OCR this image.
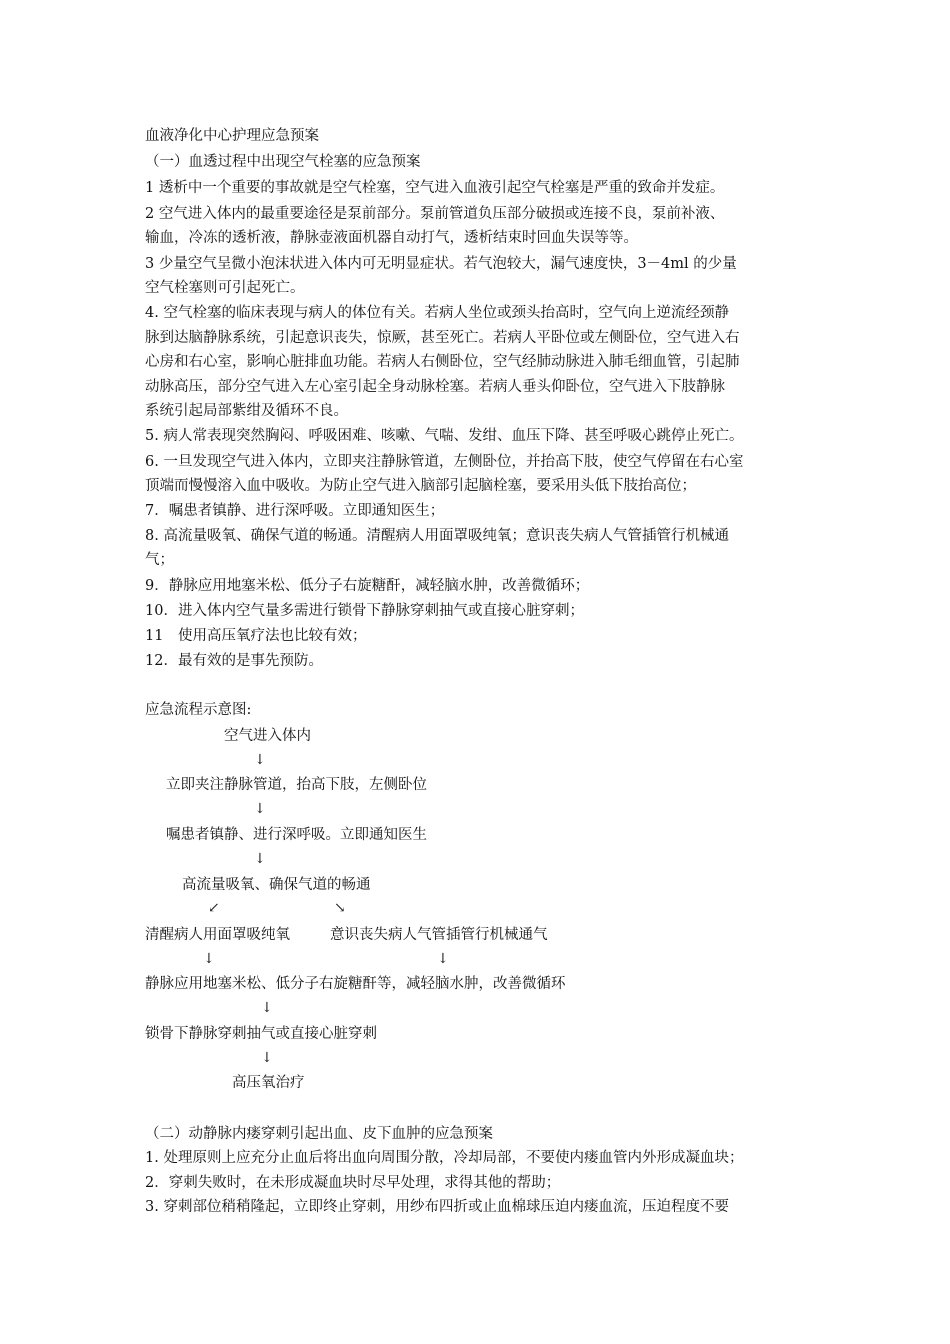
血液净化中心护理应急预案
（一）血透过程中出现空气栓塞的应急预案
1 透析中一个重要的事故就是空气栓塞，空气进入血液引起空气栓塞是严重的致命并发症。
2 空气进入体内的最重要途径是泵前部分。泵前管道负压部分破损或连接不良，泵前补液、
输血，冷冻的透析液，静脉壶液面机器自动打气，透析结束时回血失误等等。
3 少量空气呈微小泡沫状进入体内可无明显症状。若气泡较大，漏气速度快，3－4ml 的少量
空气栓塞则可引起死亡。
4. 空气栓塞的临床表现与病人的体位有关。若病人坐位或颈头抬高时，空气向上逆流经颈静
脉到达脑静脉系统，引起意识丧失，惊厥，甚至死亡。若病人平卧位或左侧卧位，空气进入右
心房和右心室，影响心脏排血功能。若病人右侧卧位，空气经肺动脉进入肺毛细血管，引起肺
动脉高压，部分空气进入左心室引起全身动脉栓塞。若病人垂头仰卧位，空气进入下肢静脉
系统引起局部紫绀及循环不良。
5. 病人常表现突然胸闷、呼吸困难、咳嗽、气喘、发绀、血压下降、甚至呼吸心跳停止死亡。
6. 一旦发现空气进入体内，立即夹注静脉管道，左侧卧位，并抬高下肢，使空气停留在右心室
顶端而慢慢溶入血中吸收。为防止空气进入脑部引起脑栓塞，要采用头低下肢抬高位；
7．嘱患者镇静、进行深呼吸。立即通知医生；
8. 高流量吸氧、确保气道的畅通。清醒病人用面罩吸纯氧；意识丧失病人气管插管行机械通
气；
9．静脉应用地塞米松、低分子右旋糖酐，减轻脑水肿，改善微循环；
10．进入体内空气量多需进行锁骨下静脉穿刺抽气或直接心脏穿刺；
11　使用高压氧疗法也比较有效；
12．最有效的是事先预防。
应急流程示意图:
空气进入体内
↓
立即夹注静脉管道，抬高下肢，左侧卧位
↓
嘱患者镇静、进行深呼吸。立即通知医生
↓
高流量吸氧、确保气道的畅通
↙	↘
清醒病人用面罩吸纯氧	意识丧失病人气管插管行机械通气
↓	↓
静脉应用地塞米松、低分子右旋糖酐等，减轻脑水肿，改善微循环
↓
锁骨下静脉穿刺抽气或直接心脏穿刺
↓
高压氧治疗
（二）动静脉内瘘穿刺引起出血、皮下血肿的应急预案
1. 处理原则上应充分止血后将出血向周围分散，冷却局部，不要使内瘘血管内外形成凝血块；
2．穿刺失败时，在未形成凝血块时尽早处理，求得其他的帮助；
3. 穿刺部位稍稍隆起，立即终止穿刺，用纱布四折或止血棉球压迫内瘘血流，压迫程度不要
